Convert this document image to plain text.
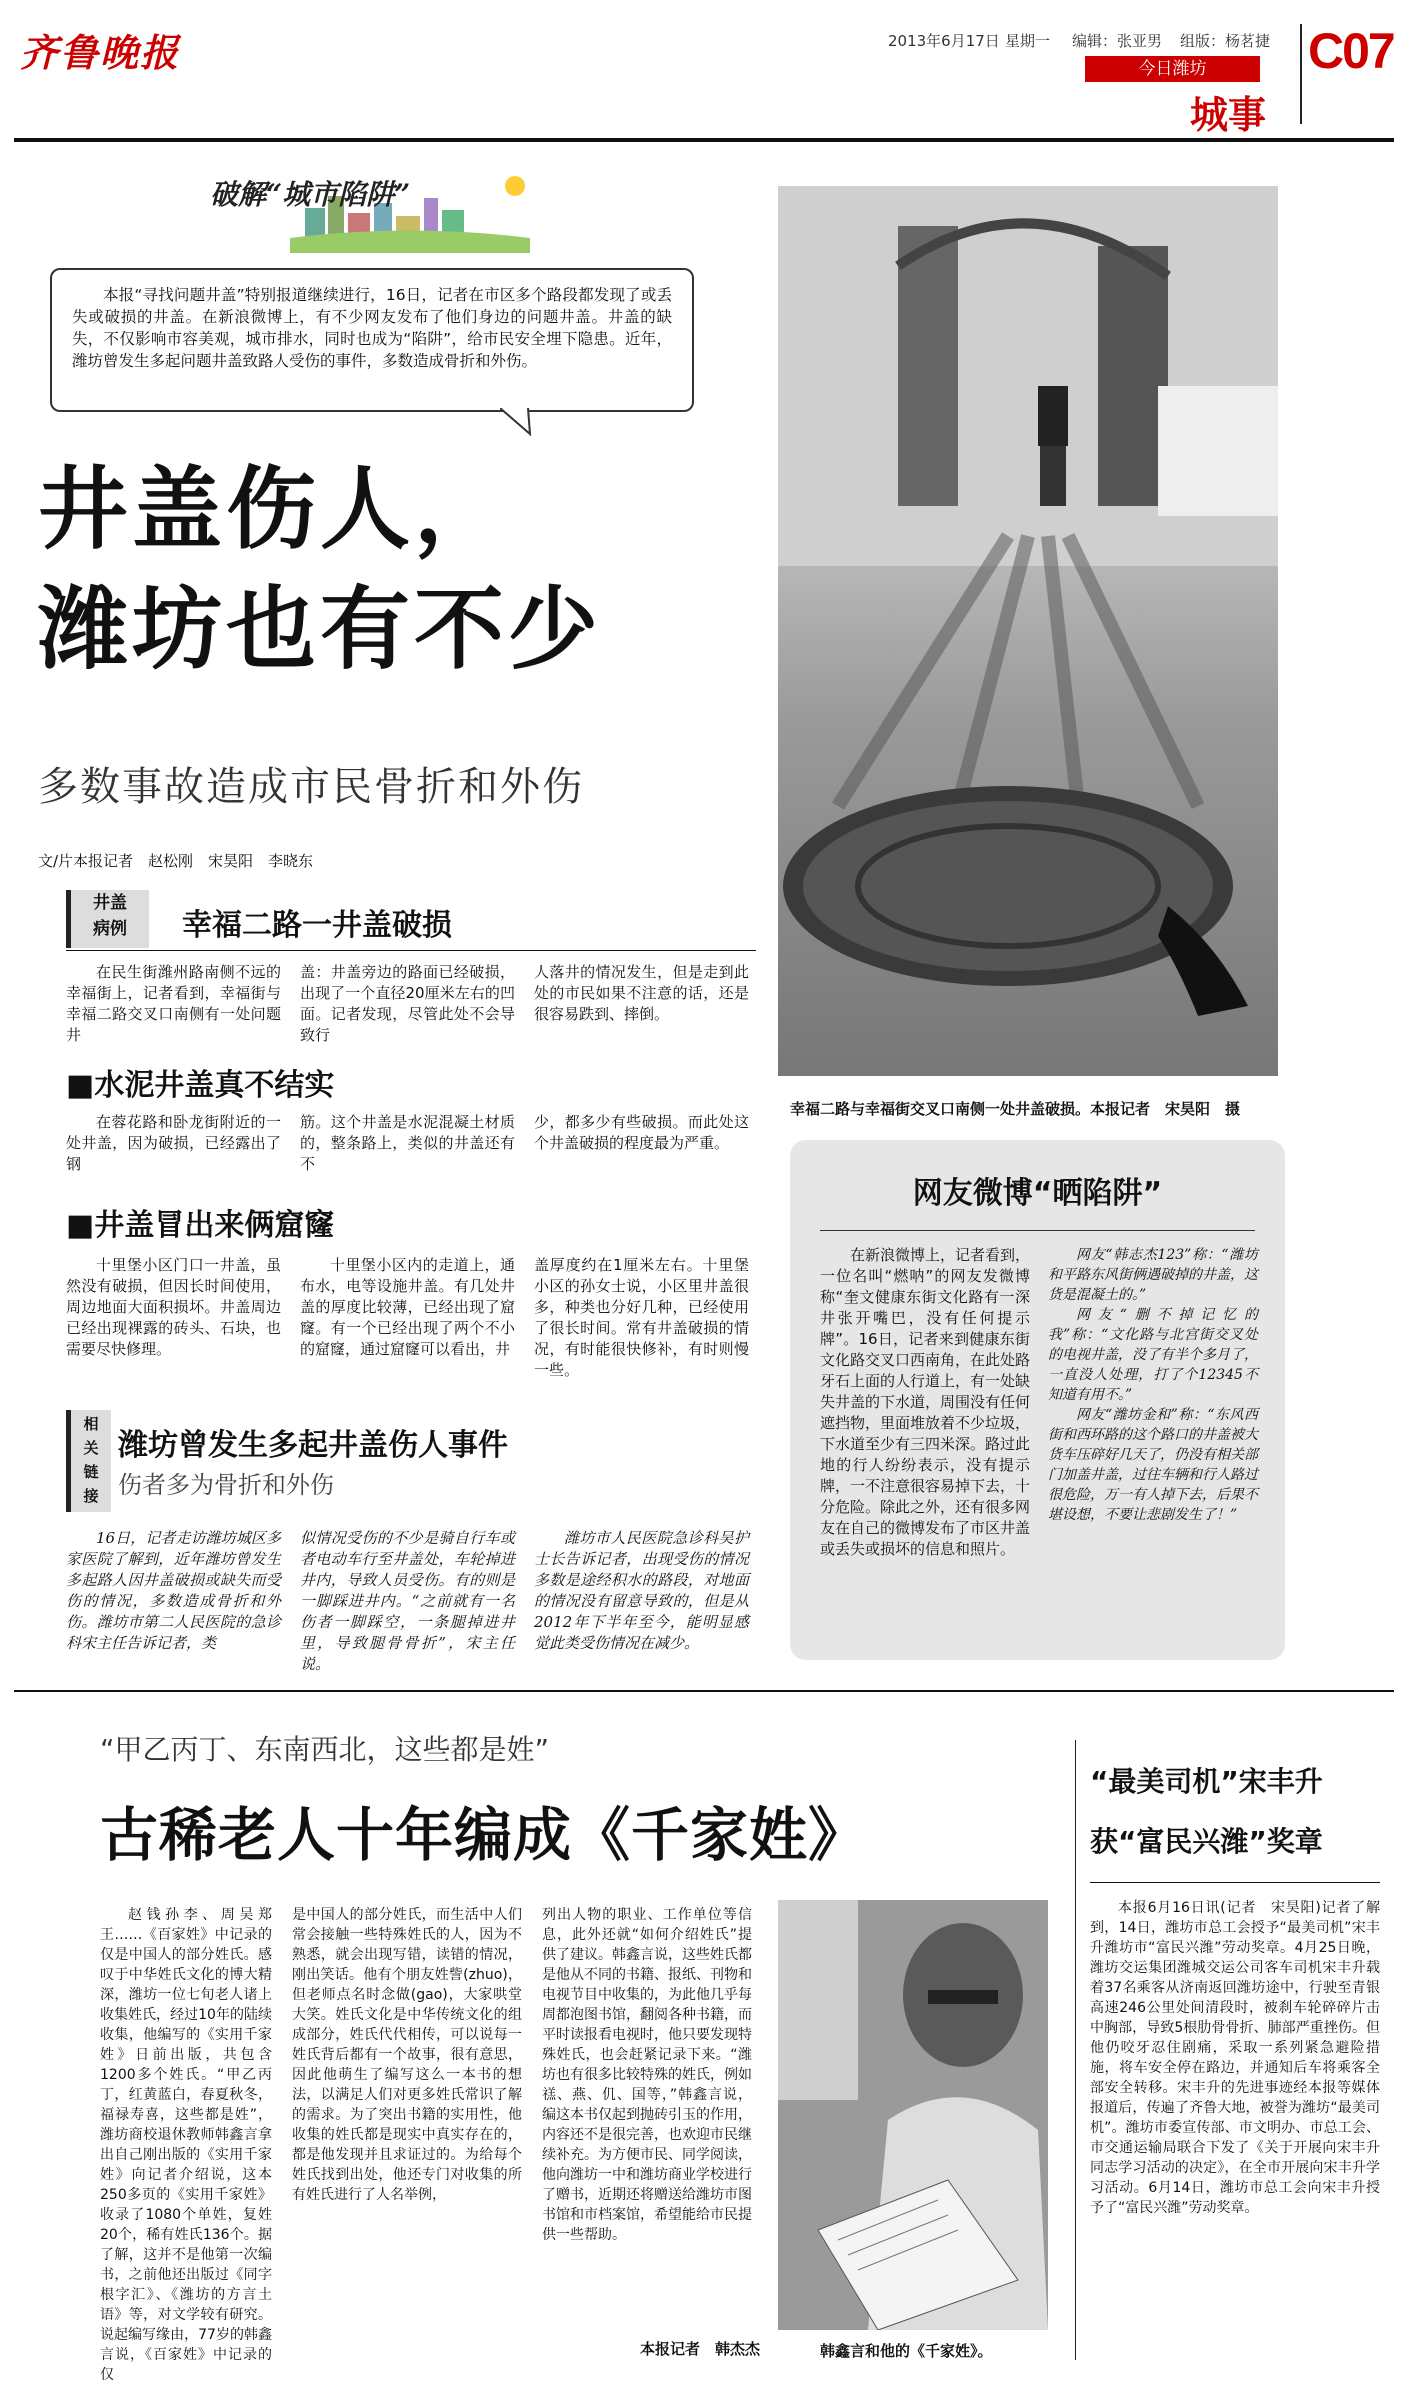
齐鲁晚报	2013年6月17日 星期一 编辑：张亚男 组版：杨茗捷
今日潍坊
城事
C07
破解“城市陷阱”
本报“寻找问题井盖”特别报道继续进行，16日，记者在市区多个路段都发现了或丢失或破损的井盖。在新浪微博上，有不少网友发布了他们身边的问题井盖。井盖的缺失，不仅影响市容美观，城市排水，同时也成为“陷阱”，给市民安全埋下隐患。近年，潍坊曾发生多起问题井盖致路人受伤的事件，多数造成骨折和外伤。
井盖伤人，
潍坊也有不少
多数事故造成市民骨折和外伤
文/片本报记者　赵松刚　宋昊阳　李晓东
幸福二路与幸福街交叉口南侧一处井盖破损。本报记者　宋昊阳　摄
井盖
病例	幸福二路一井盖破损

在民生街潍州路南侧不远的幸福街上，记者看到，幸福街与幸福二路交叉口南侧有一处问题井

盖：井盖旁边的路面已经破损，出现了一个直径20厘米左右的凹面。记者发现，尽管此处不会导致行

人落井的情况发生，但是走到此处的市民如果不注意的话，还是很容易跌到、摔倒。

■水泥井盖真不结实

在蓉花路和卧龙街附近的一处井盖，因为破损，已经露出了钢

筋。这个井盖是水泥混凝土材质的，整条路上，类似的井盖还有不

少，都多少有些破损。而此处这个井盖破损的程度最为严重。

■井盖冒出来俩窟窿

十里堡小区门口一井盖，虽然没有破损，但因长时间使用，周边地面大面积损坏。井盖周边已经出现裸露的砖头、石块，也需要尽快修理。

十里堡小区内的走道上，通布水，电等设施井盖。有几处井盖的厚度比较薄，已经出现了窟窿。有一个已经出现了两个不小的窟窿，通过窟窿可以看出，井

盖厚度约在1厘米左右。十里堡小区的孙女士说，小区里井盖很多，种类也分好几种，已经使用了很长时间。常有井盖破损的情况，有时能很快修补，有时则慢一些。

相
关
链
接
潍坊曾发生多起井盖伤人事件
伤者多为骨折和外伤

16日，记者走访潍坊城区多家医院了解到，近年潍坊曾发生多起路人因井盖破损或缺失而受伤的情况，多数造成骨折和外伤。潍坊市第二人民医院的急诊科宋主任告诉记者，类

似情况受伤的不少是骑自行车或者电动车行至井盖处，车轮掉进井内，导致人员受伤。有的则是一脚踩进井内。“之前就有一名伤者一脚踩空，一条腿掉进井里，导致腿骨骨折”，宋主任说。

潍坊市人民医院急诊科吴护士长告诉记者，出现受伤的情况多数是途经积水的路段，对地面的情况没有留意导致的，但是从2012年下半年至今，能明显感觉此类受伤情况在减少。

网友微博“晒陷阱”

在新浪微博上，记者看到，一位名叫“燃呐”的网友发微博称“奎文健康东街文化路有一深井张开嘴巴，没有任何提示牌”。16日，记者来到健康东街文化路交叉口西南角，在此处路牙石上面的人行道上，有一处缺失井盖的下水道，周围没有任何遮挡物，里面堆放着不少垃圾，下水道至少有三四米深。路过此地的行人纷纷表示，没有提示牌，一不注意很容易掉下去，十分危险。除此之外，还有很多网友在自己的微博发布了市区井盖或丢失或损坏的信息和照片。

网友“韩志杰123”称：“潍坊和平路东风街俩遇破掉的井盖，这货是混凝土的。”

网友“删不掉记忆的我”称：“文化路与北宫街交叉处的电视井盖，没了有半个多月了，一直没人处理，打了个12345不知道有用不。”

网友“潍坊金和”称：“东风西街和西环路的这个路口的井盖被大货车压碎好几天了，仍没有相关部门加盖井盖，过往车辆和行人路过很危险，万一有人掉下去，后果不堪设想，不要让悲剧发生了！”

“甲乙丙丁、东南西北，这些都是姓”
古稀老人十年编成《千家姓》

赵钱孙李、周吴郑王……《百家姓》中记录的仅是中国人的部分姓氏。感叹于中华姓氏文化的博大精深，潍坊一位七旬老人诸上收集姓氏，经过10年的陆续收集，他编写的《实用千家姓》日前出版，共包含1200多个姓氏。“甲乙丙丁，红黄蓝白，春夏秋冬，福禄寿喜，这些都是姓”，潍坊商校退休教师韩鑫言拿出自己刚出版的《实用千家姓》向记者介绍说，这本250多页的《实用千家姓》收录了1080个单姓，复姓20个，稀有姓氏136个。据了解，这并不是他第一次编书，之前他还出版过《同字根字汇》、《潍坊的方言土语》等，对文学较有研究。说起编写缘由，77岁的韩鑫言说，《百家姓》中记录的仅

是中国人的部分姓氏，而生活中人们常会接触一些特殊姓氏的人，因为不熟悉，就会出现写错，读错的情况，刚出笑话。他有个朋友姓訾(zhuo)，但老师点名时念做(gao)，大家哄堂大笑。姓氏文化是中华传统文化的组成部分，姓氏代代相传，可以说每一姓氏背后都有一个故事，很有意思，因此他萌生了编写这么一本书的想法，以满足人们对更多姓氏常识了解的需求。为了突出书籍的实用性，他收集的姓氏都是现实中真实存在的，都是他发现并且求证过的。为给每个姓氏找到出处，他还专门对收集的所有姓氏进行了人名举例，

列出人物的职业、工作单位等信息，此外还就“如何介绍姓氏”提供了建议。韩鑫言说，这些姓氏都是他从不同的书籍、报纸、刊物和电视节目中收集的，为此他几乎每周都泡图书馆，翻阅各种书籍，而平时读报看电视时，他只要发现特殊姓氏，也会赶紧记录下来。“潍坊也有很多比较特殊的姓氏，例如禚、燕、仉、国等，”韩鑫言说，编这本书仅起到抛砖引玉的作用，内容还不是很完善，也欢迎市民继续补充。为方便市民、同学阅读，他向潍坊一中和潍坊商业学校进行了赠书，近期还将赠送给潍坊市图书馆和市档案馆，希望能给市民提供一些帮助。

本报记者　韩杰杰	韩鑫言和他的《千家姓》。
“最美司机”宋丰升
获“富民兴潍”奖章

本报6月16日讯(记者　宋昊阳)记者了解到，14日，潍坊市总工会授予“最美司机”宋丰升潍坊市“富民兴潍”劳动奖章。4月25日晚，潍坊交运集团潍城交运公司客车司机宋丰升载着37名乘客从济南返回潍坊途中，行驶至青银高速246公里处间清段时，被刹车轮碎碎片击中胸部，导致5根肋骨骨折、肺部严重挫伤。但他仍咬牙忍住剧痛，采取一系列紧急避险措施，将车安全停在路边，并通知后车将乘客全部安全转移。宋丰升的先进事迹经本报等媒体报道后，传遍了齐鲁大地，被誉为潍坊“最美司机”。潍坊市委宣传部、市文明办、市总工会、市交通运输局联合下发了《关于开展向宋丰升同志学习活动的决定》，在全市开展向宋丰升学习活动。6月14日，潍坊市总工会向宋丰升授予了“富民兴潍”劳动奖章。
